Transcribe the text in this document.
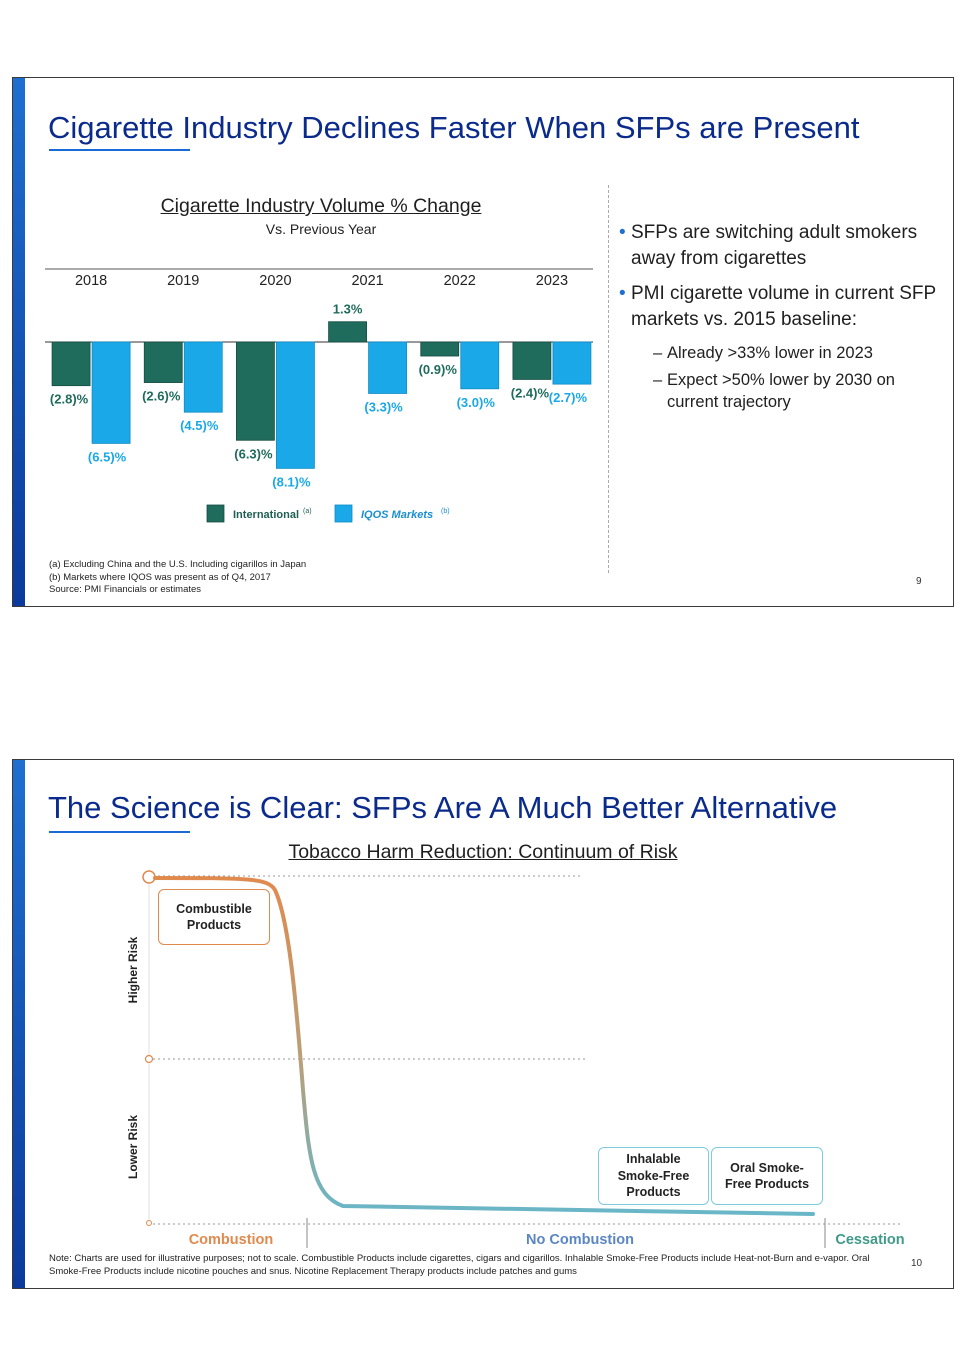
Cigarette Industry Declines Faster When SFPs are Present
Cigarette Industry Volume % Change
Vs. Previous Year
2018
(2.8)%
(6.5)%
2019
(2.6)%
(4.5)%
2020
(6.3)%
(8.1)%
2021
1.3%
(3.3)%
2022
(0.9)%
(3.0)%
2023
(2.4)% (2.7)%
International (a)	IQOS Markets (b)
• SFPs are switching adult smokers away from cigarettes
• PMI cigarette volume in current SFP markets vs. 2015 baseline:
– Already >33% lower in 2023
– Expect >50% lower by 2030 on current trajectory
(a) Excluding China and the U.S. Including cigarillos in Japan
(b) Markets where IQOS was present as of Q4, 2017
Source: PMI Financials or estimates
9
The Science is Clear: SFPs Are A Much Better Alternative
Tobacco Harm Reduction: Continuum of Risk
Higher Risk
Lower Risk
Combustion	No Combustion	Cessation
Combustible Products
Inhalable Smoke-Free Products
Oral Smoke-Free Products
Note: Charts are used for illustrative purposes; not to scale. Combustible Products include cigarettes, cigars and cigarillos. Inhalable Smoke-Free Products include Heat-not-Burn and e-vapor. Oral Smoke-Free Products include nicotine pouches and snus. Nicotine Replacement Therapy products include patches and gums
10
